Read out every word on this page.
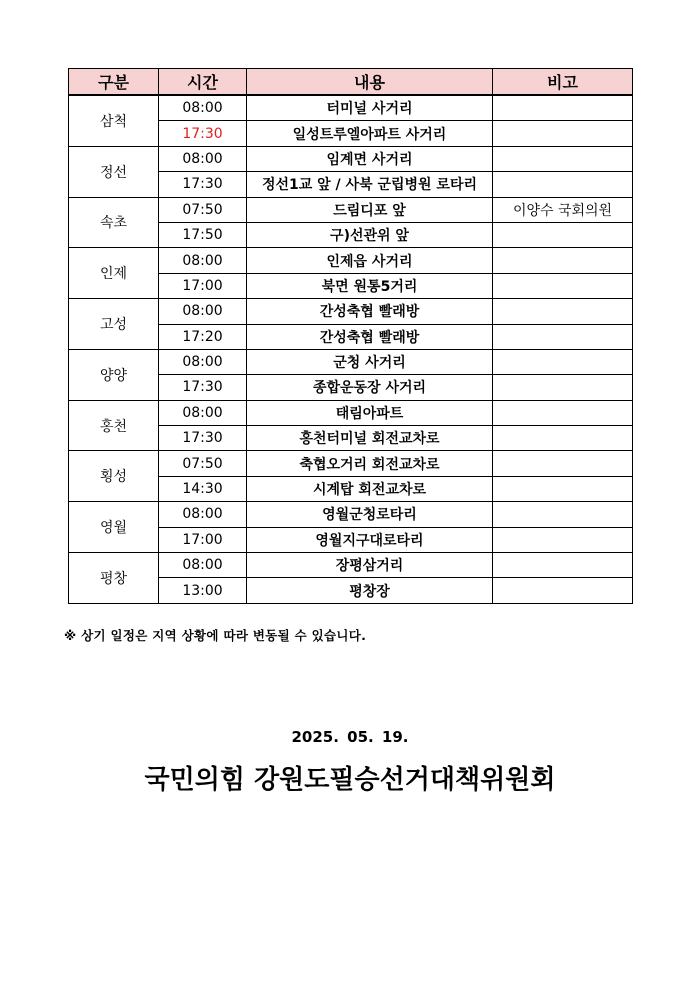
구분	시간	내용	비고
삼척	08:00	터미널 사거리	
	17:30	일성트루엘아파트 사거리	
정선	08:00	임계면 사거리	
	17:30	정선1교 앞 / 사북 군립병원 로타리	
속초	07:50	드림디포 앞	이양수 국회의원
	17:50	구)선관위 앞	
인제	08:00	인제읍 사거리	
	17:00	북면 원통5거리	
고성	08:00	간성축협 빨래방	
	17:20	간성축협 빨래방	
양양	08:00	군청 사거리	
	17:30	종합운동장 사거리	
홍천	08:00	태림아파트	
	17:30	홍천터미널 회전교차로	
횡성	07:50	축협오거리 회전교차로	
	14:30	시계탑 회전교차로	
영월	08:00	영월군청로타리	
	17:00	영월지구대로타리	
평창	08:00	장평삼거리	
	13:00	평창장	
※ 상기 일정은 지역 상황에 따라 변동될 수 있습니다.
2025. 05. 19.
국민의힘 강원도필승선거대책위원회
